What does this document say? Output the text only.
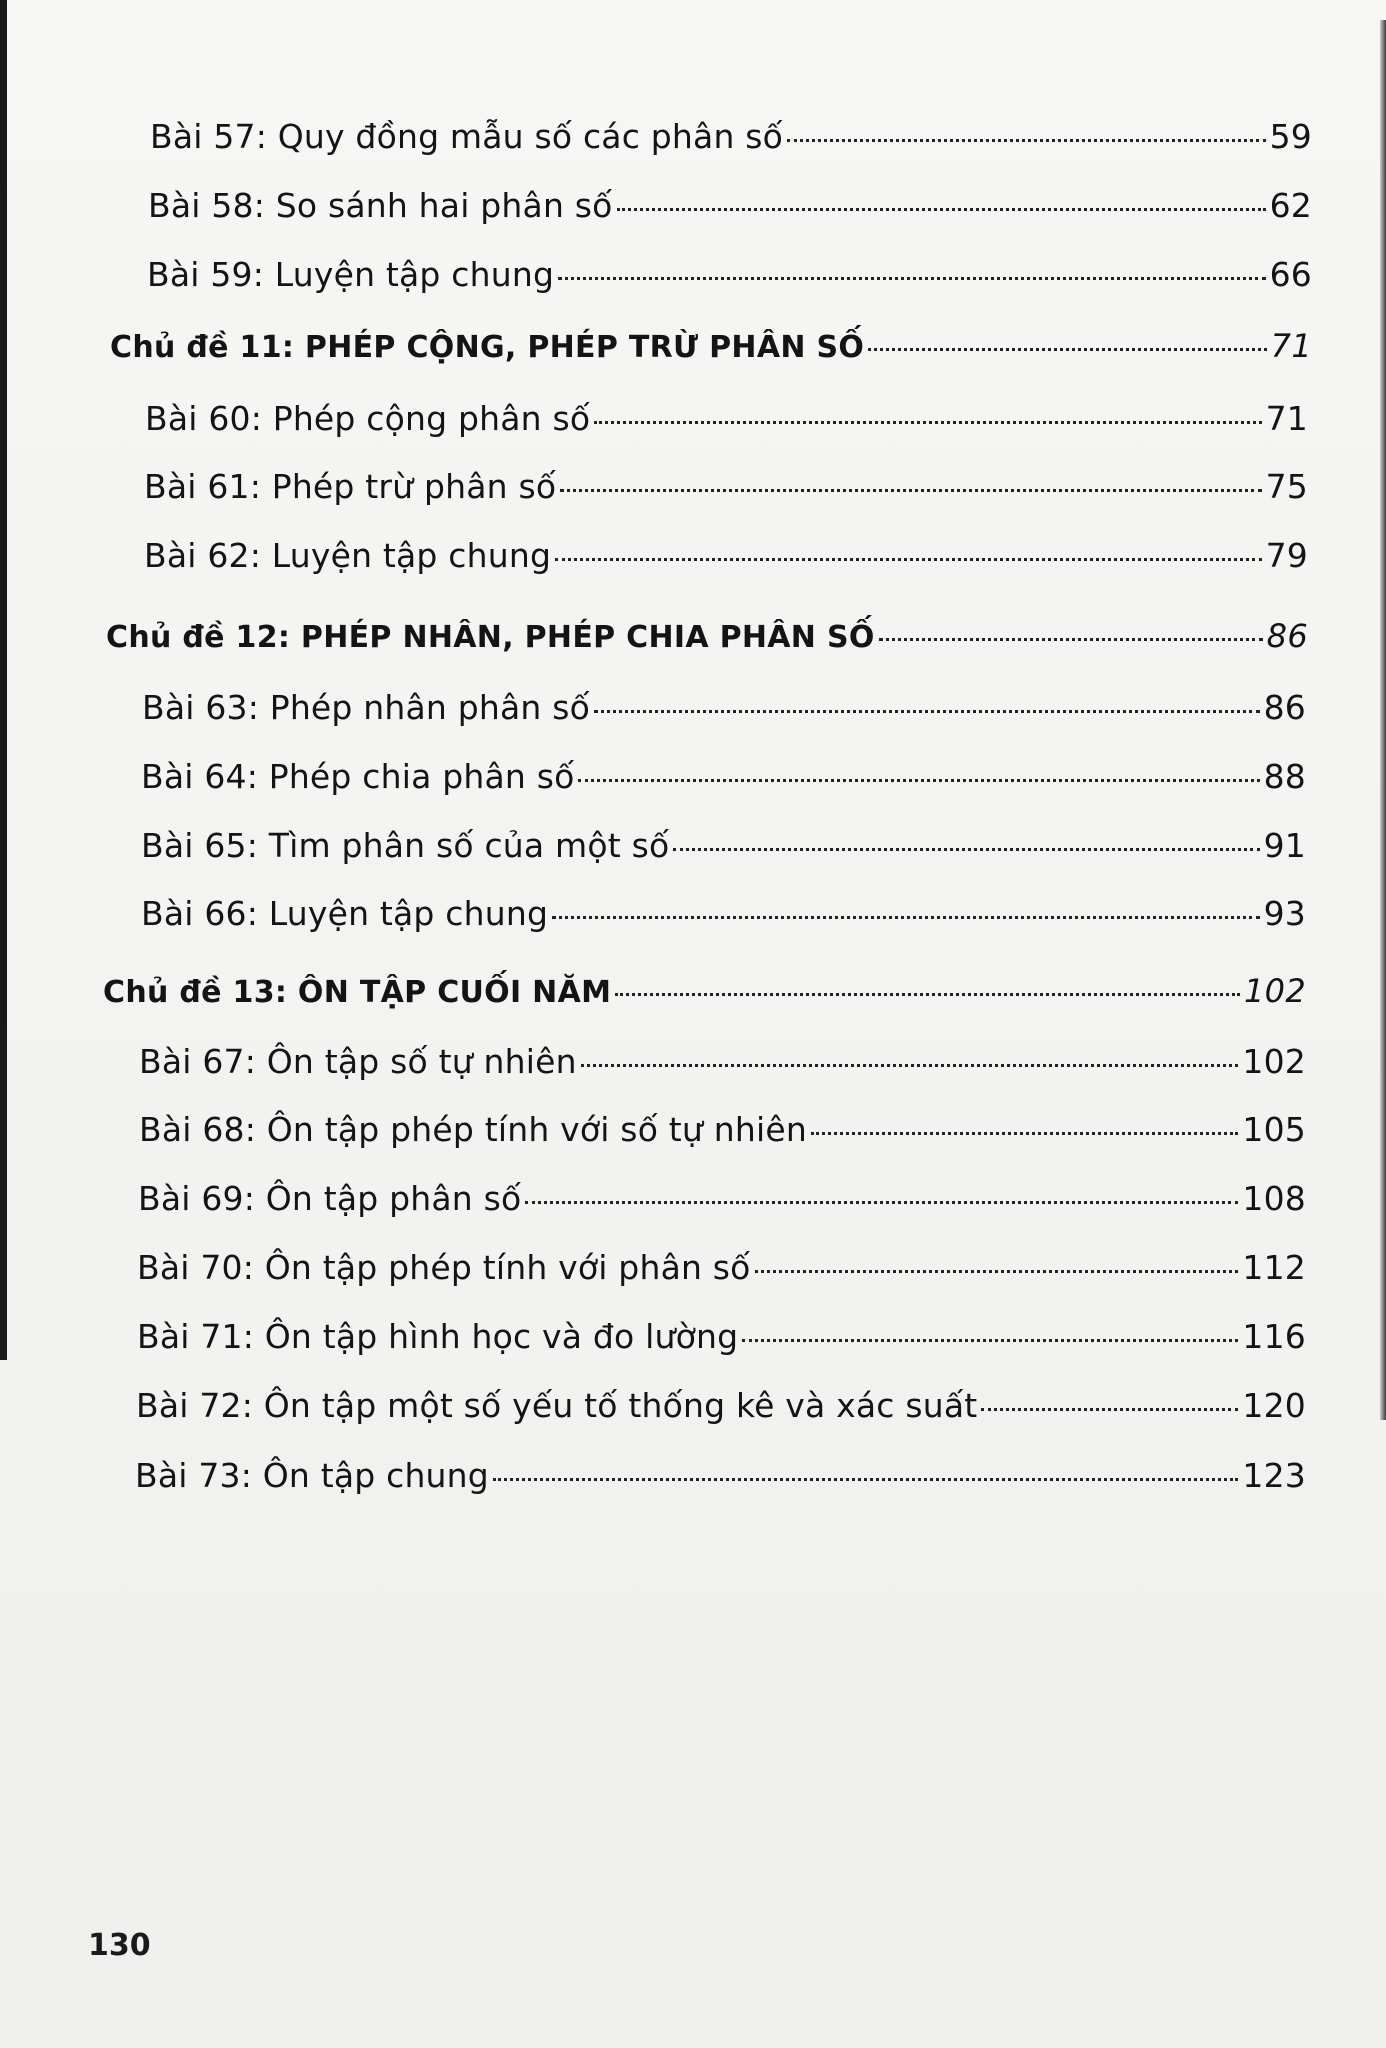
Bài 57: Quy đồng mẫu số các phân số	59
Bài 58: So sánh hai phân số	62
Bài 59: Luyện tập chung	66
Chủ đề 11: PHÉP CỘNG, PHÉP TRỪ PHÂN SỐ	71
Bài 60: Phép cộng phân số	71
Bài 61: Phép trừ phân số	75
Bài 62: Luyện tập chung	79
Chủ đề 12: PHÉP NHÂN, PHÉP CHIA PHÂN SỐ	86
Bài 63: Phép nhân phân số	86
Bài 64: Phép chia phân số	88
Bài 65: Tìm phân số của một số	91
Bài 66: Luyện tập chung	93
Chủ đề 13: ÔN TẬP CUỐI NĂM	102
Bài 67: Ôn tập số tự nhiên	102
Bài 68: Ôn tập phép tính với số tự nhiên	105
Bài 69: Ôn tập phân số	108
Bài 70: Ôn tập phép tính với phân số	112
Bài 71: Ôn tập hình học và đo lường	116
Bài 72: Ôn tập một số yếu tố thống kê và xác suất	120
Bài 73: Ôn tập chung	123
130
